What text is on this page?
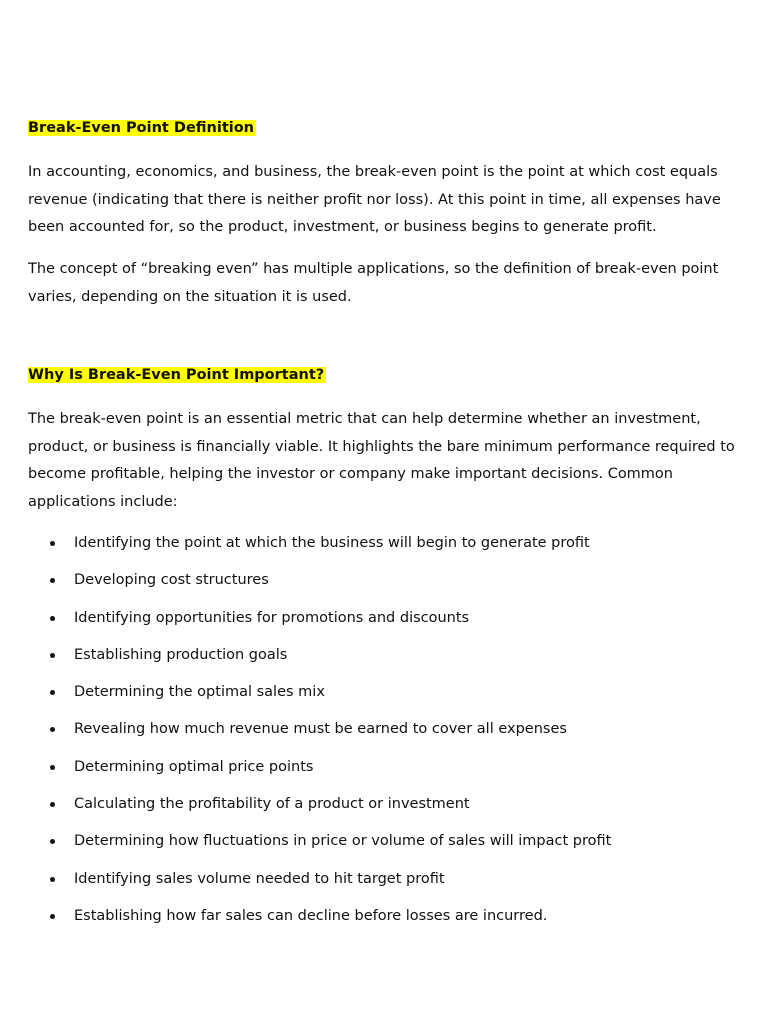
Break-Even Point Definition

In accounting, economics, and business, the break-even point is the point at which cost equals revenue (indicating that there is neither profit nor loss). At this point in time, all expenses have been accounted for, so the product, investment, or business begins to generate profit.

The concept of “breaking even” has multiple applications, so the definition of break-even point varies, depending on the situation it is used.

Why Is Break-Even Point Important?

The break-even point is an essential metric that can help determine whether an investment, product, or business is financially viable. It highlights the bare minimum performance required to become profitable, helping the investor or company make important decisions. Common applications include:

Identifying the point at which the business will begin to generate profit
Developing cost structures
Identifying opportunities for promotions and discounts
Establishing production goals
Determining the optimal sales mix
Revealing how much revenue must be earned to cover all expenses
Determining optimal price points
Calculating the profitability of a product or investment
Determining how fluctuations in price or volume of sales will impact profit
Identifying sales volume needed to hit target profit
Establishing how far sales can decline before losses are incurred.
